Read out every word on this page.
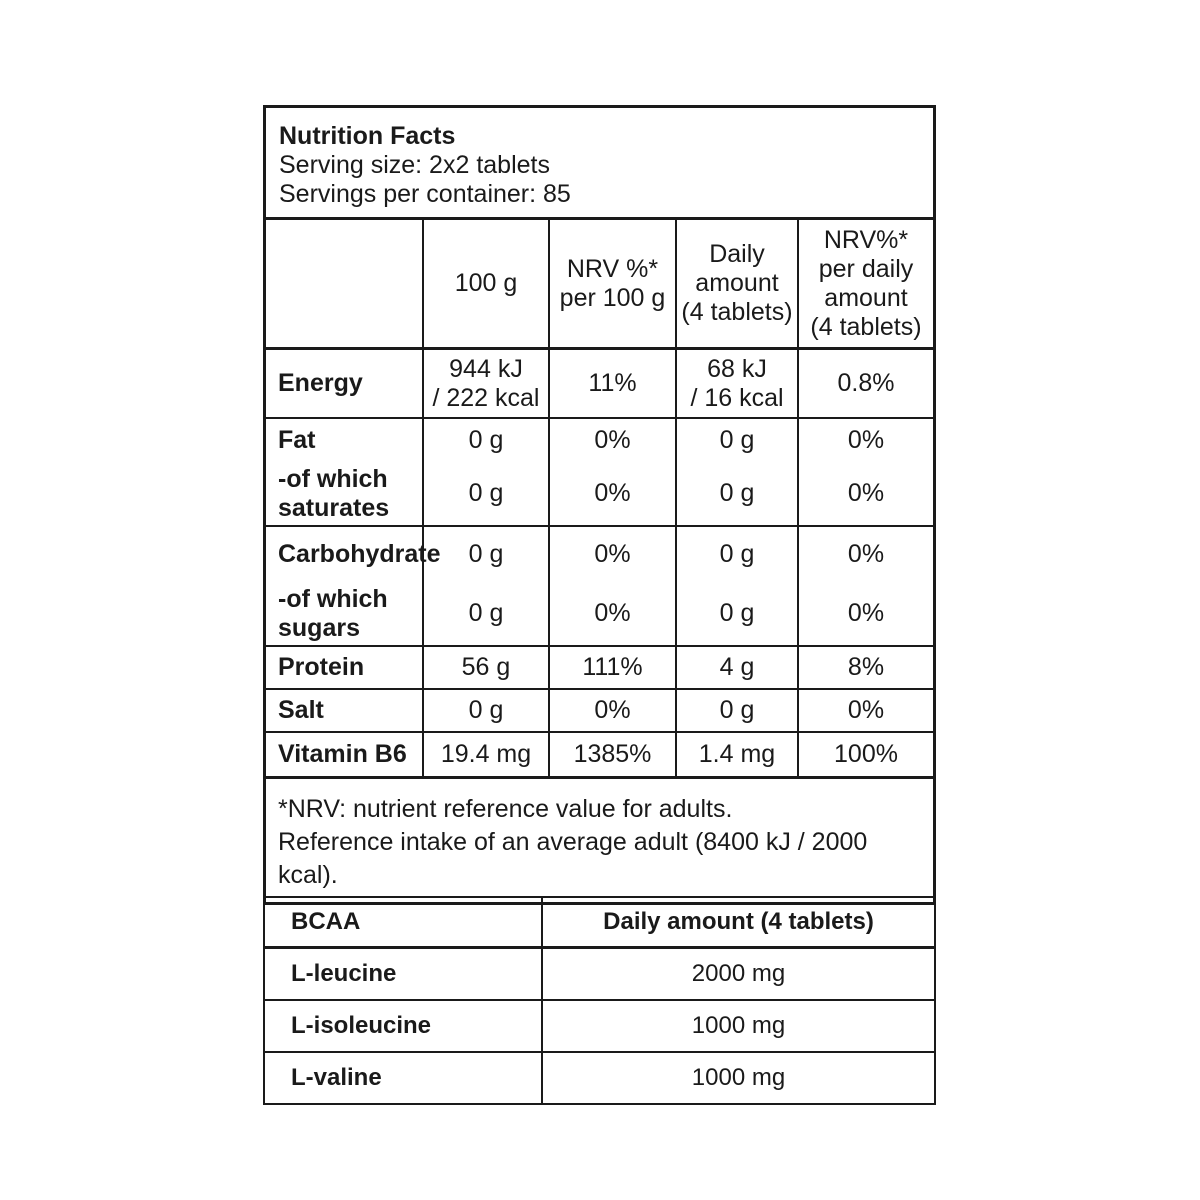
Nutrition Facts
Serving size: 2x2 tablets
Servings per container: 85
	100 g	NRV %*
per 100 g	Daily
amount
(4 tablets)	NRV%*
per daily
amount
(4 tablets)
Energy	944 kJ
/ 222 kcal	11%	68 kJ
/ 16 kcal	0.8%
Fat	0 g	0%	0 g	0%
-of which
saturates	0 g	0%	0 g	0%
Carbohydrate	0 g	0%	0 g	0%
-of which
sugars	0 g	0%	0 g	0%
Protein	56 g	111%	4 g	8%
Salt	0 g	0%	0 g	0%
Vitamin B6	19.4 mg	1385%	1.4 mg	100%
*NRV: nutrient reference value for adults.
Reference intake of an average adult (8400 kJ / 2000 kcal).
BCAA	Daily amount (4 tablets)
L-leucine	2000 mg
L-isoleucine	1000 mg
L-valine	1000 mg
